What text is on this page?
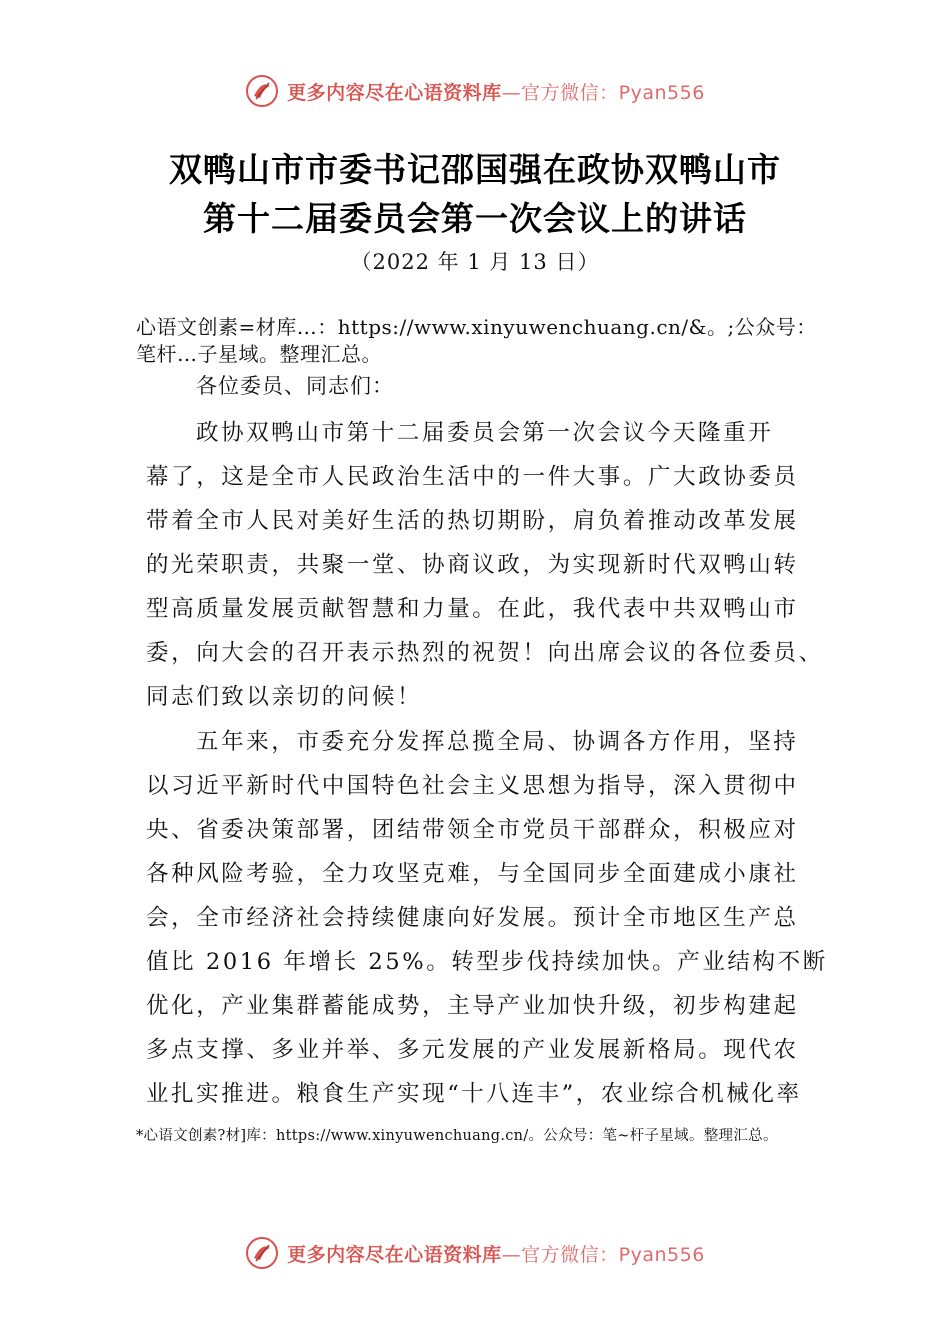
更多内容尽在心语资料库—官方微信：Pyan556
双鸭山市市委书记邵国强在政协双鸭山市
第十二届委员会第一次会议上的讲话
（2022 年 1 月 13 日）
心语文创素=材库…：https://www.xinyuwenchuang.cn/&。;公众号：笔杆…子星域。整理汇总。
各位委员、同志们：
政协双鸭山市第十二届委员会第一次会议今天隆重开
幕了，这是全市人民政治生活中的一件大事。广大政协委员
带着全市人民对美好生活的热切期盼，肩负着推动改革发展
的光荣职责，共聚一堂、协商议政，为实现新时代双鸭山转
型高质量发展贡献智慧和力量。在此，我代表中共双鸭山市
委，向大会的召开表示热烈的祝贺！向出席会议的各位委员、
同志们致以亲切的问候！
五年来，市委充分发挥总揽全局、协调各方作用，坚持
以习近平新时代中国特色社会主义思想为指导，深入贯彻中
央、省委决策部署，团结带领全市党员干部群众，积极应对
各种风险考验，全力攻坚克难，与全国同步全面建成小康社
会，全市经济社会持续健康向好发展。预计全市地区生产总
值比 2016 年增长 25%。转型步伐持续加快。产业结构不断
优化，产业集群蓄能成势，主导产业加快升级，初步构建起
多点支撑、多业并举、多元发展的产业发展新格局。现代农
业扎实推进。粮食生产实现“十八连丰”，农业综合机械化率
*心语文创素?材]库：https://www.xinyuwenchuang.cn/。公众号：笔~杆子星域。整理汇总。
更多内容尽在心语资料库—官方微信：Pyan556
